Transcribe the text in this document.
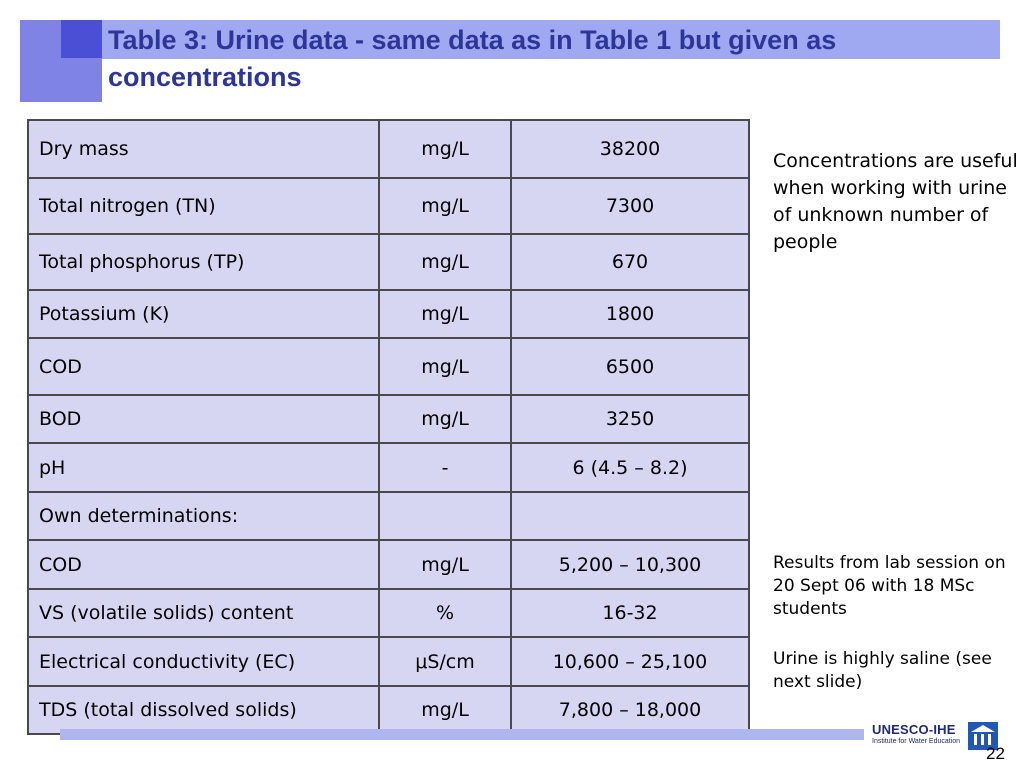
Table 3: Urine data - same data as in Table 1 but given as concentrations
Dry mass	mg/L	38200
Total nitrogen (TN)	mg/L	7300
Total phosphorus (TP)	mg/L	670
Potassium (K)	mg/L	1800
COD	mg/L	6500
BOD	mg/L	3250
pH	-	6 (4.5 – 8.2)
Own determinations:		
COD	mg/L	5,200 – 10,300
VS (volatile solids) content	%	16-32
Electrical conductivity (EC)	μS/cm	10,600 – 25,100
TDS (total dissolved solids)	mg/L	7,800 – 18,000

Concentrations are useful when working with urine of unknown number of people

Results from lab session on 20 Sept 06 with 18 MSc students

Urine is highly saline (see next slide)

UNESCO-IHE
Institute for Water Education
22
